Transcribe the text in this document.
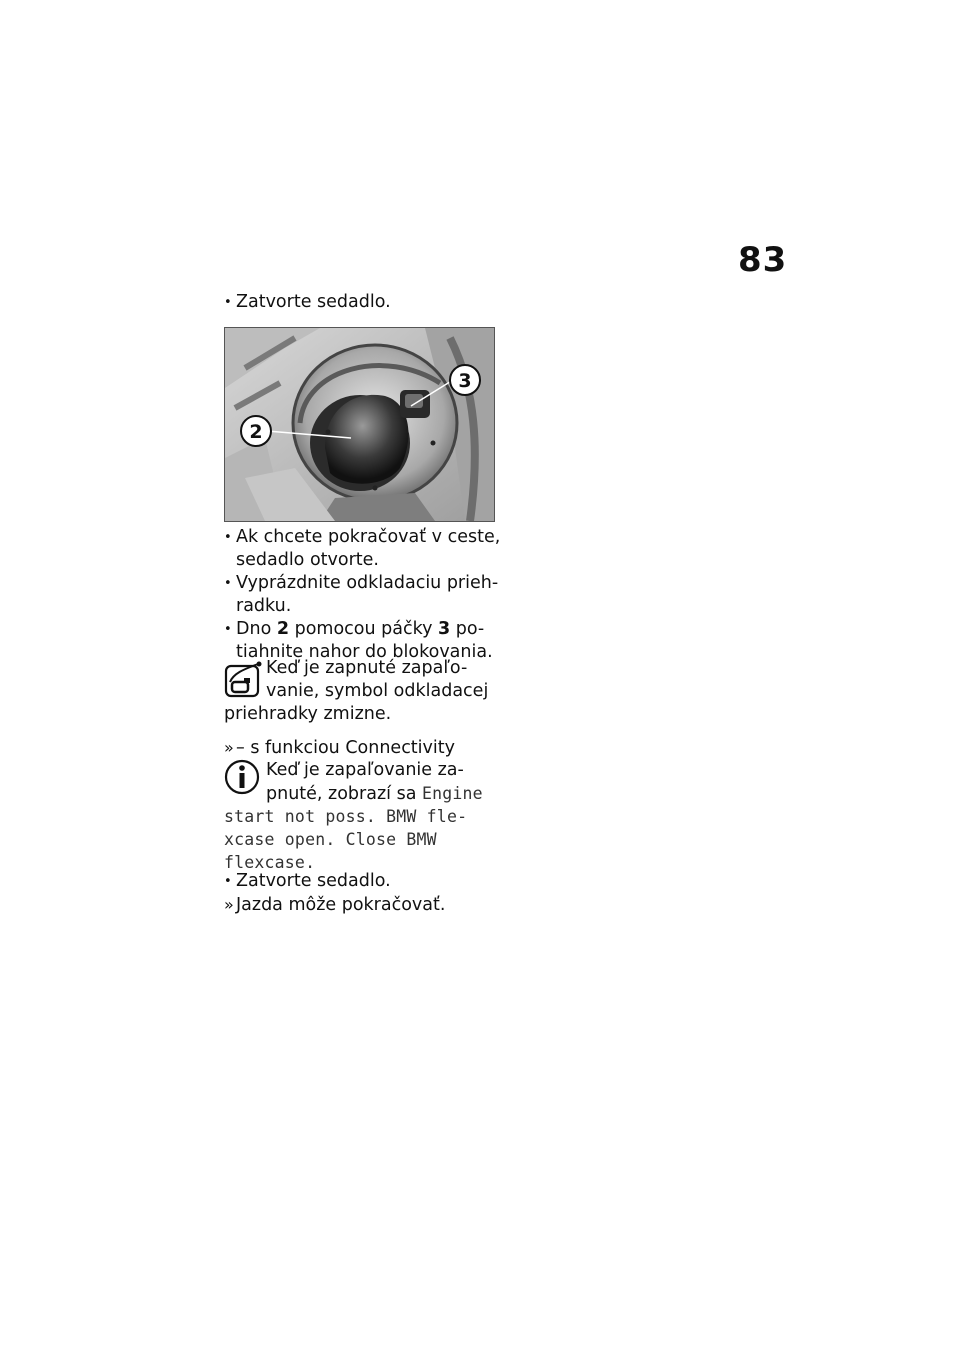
83
• Zatvorte sedadlo.
2
3
• Ak chcete pokračovať v ceste,
sedadlo otvorte.
• Vyprázdnite odkladaciu prieh-
radku.
• Dno 2 pomocou páčky 3 po-
tiahnite nahor do blokovania.
Keď je zapnuté zapaľo-
vanie, symbol odkladacej
priehradky zmizne.
» – s funkciou Connectivity
Keď je zapaľovanie za-
pnuté, zobrazí sa Engine
start not poss. BMW fle-
xcase open. Close BMW
flexcase.
• Zatvorte sedadlo.
» Jazda môže pokračovať.
